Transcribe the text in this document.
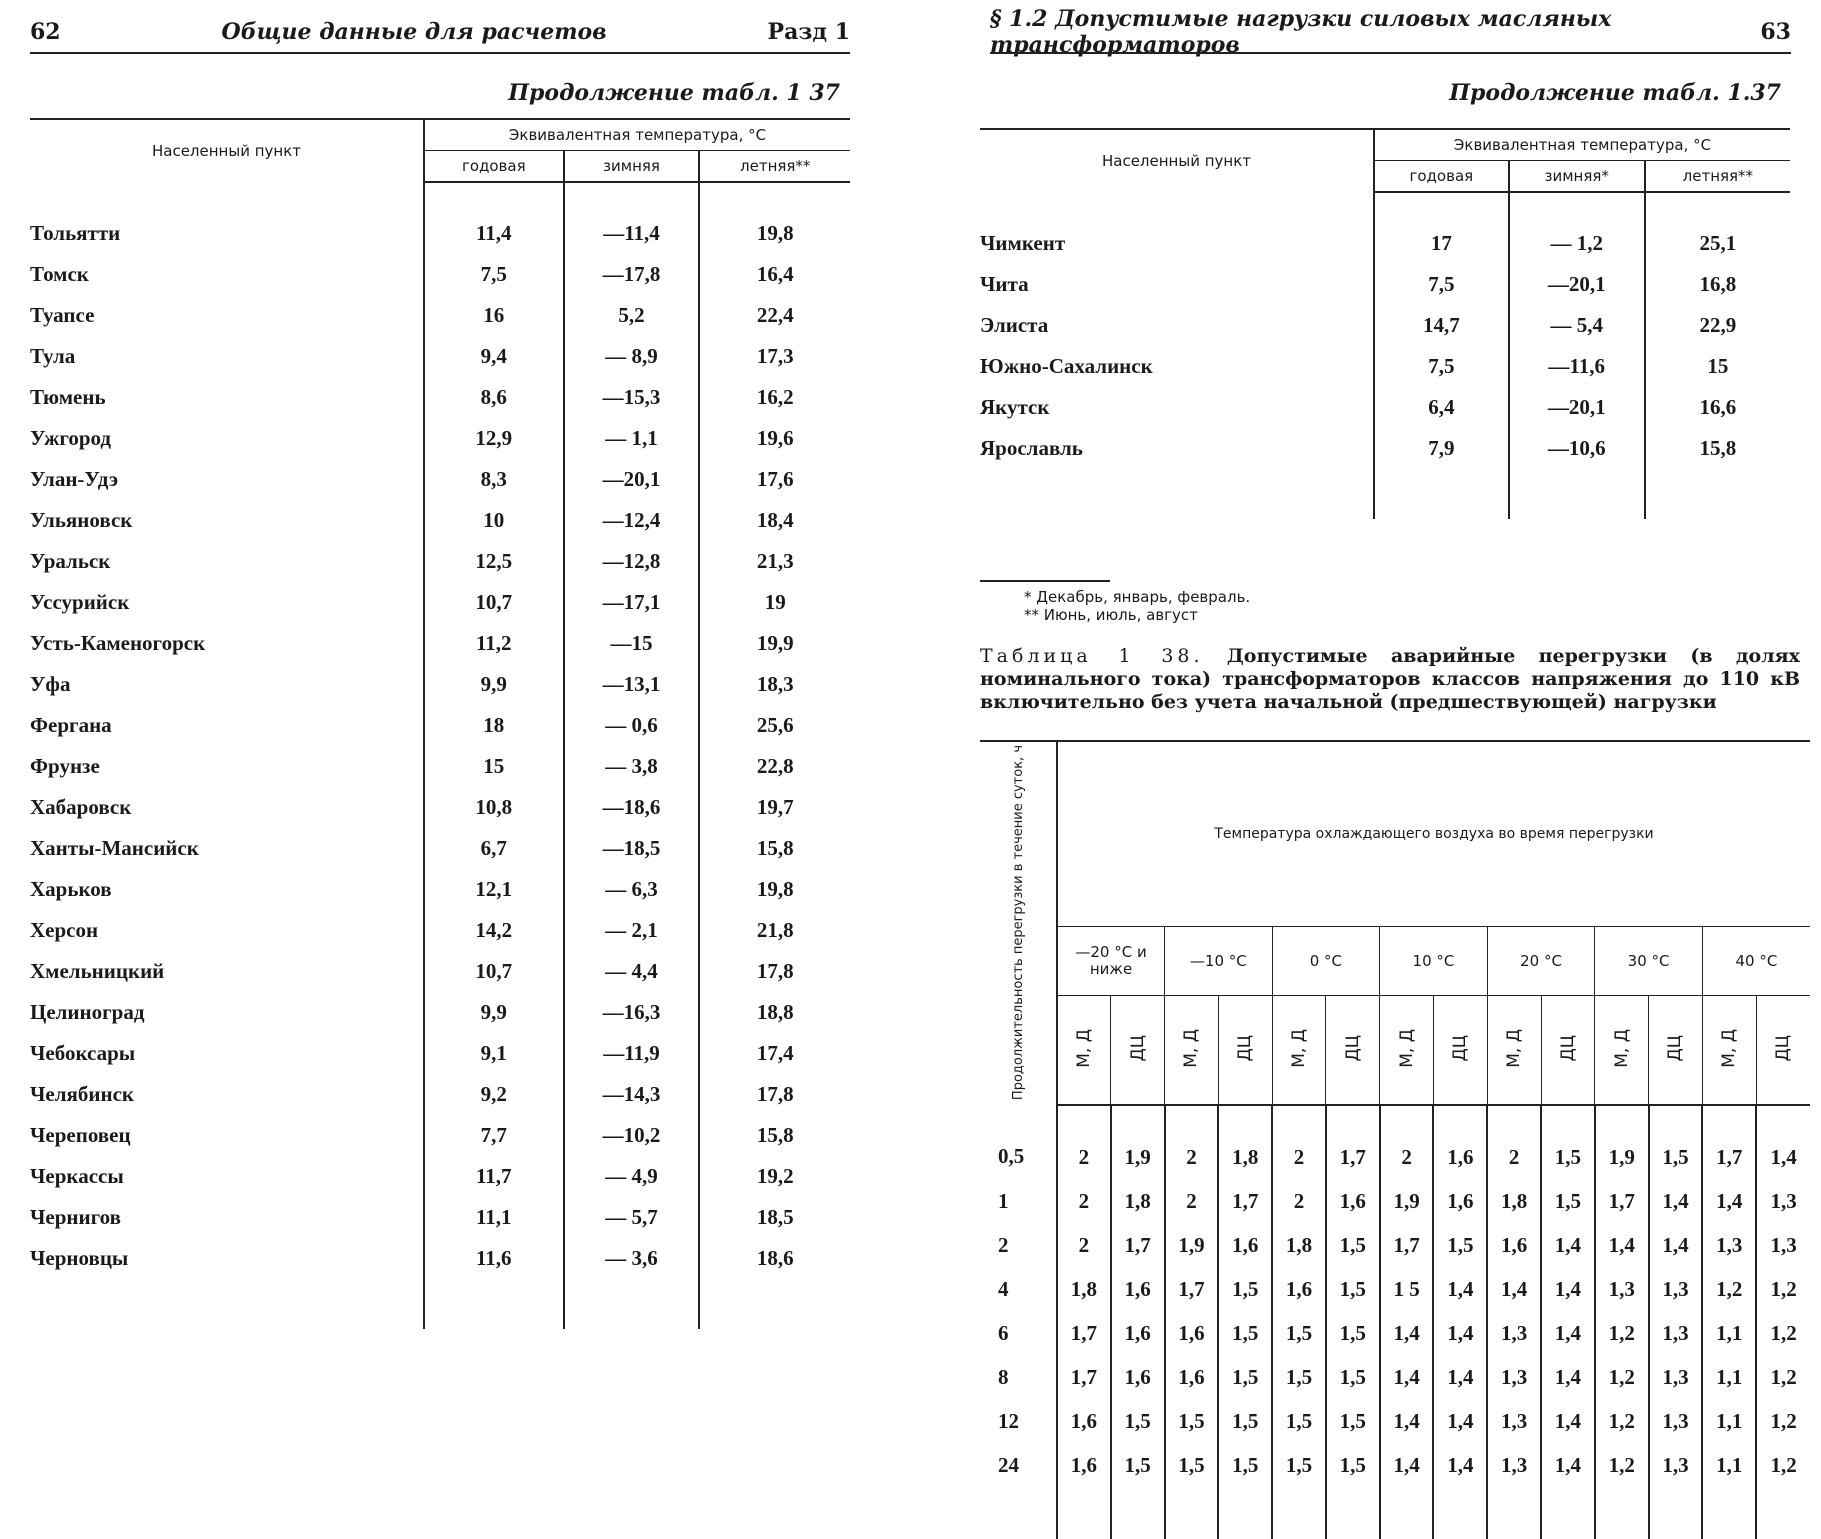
62	Общие данные для расчетов	Разд 1
Продолжение табл. 1 37
Населенный пункт	Эквивалентная температура, °С		
	годовая	зимняя	летняя**
Тольятти	11,4	—11,4	19,8
Томск	7,5	—17,8	16,4
Туапсе	16	5,2	22,4
Тула	9,4	— 8,9	17,3
Тюмень	8,6	—15,3	16,2
Ужгород	12,9	— 1,1	19,6
Улан-Удэ	8,3	—20,1	17,6
Ульяновск	10	—12,4	18,4
Уральск	12,5	—12,8	21,3
Уссурийск	10,7	—17,1	19
Усть-Каменогорск	11,2	—15	19,9
Уфа	9,9	—13,1	18,3
Фергана	18	— 0,6	25,6
Фрунзе	15	— 3,8	22,8
Хабаровск	10,8	—18,6	19,7
Ханты-Мансийск	6,7	—18,5	15,8
Харьков	12,1	— 6,3	19,8
Херсон	14,2	— 2,1	21,8
Хмельницкий	10,7	— 4,4	17,8
Целиноград	9,9	—16,3	18,8
Чебоксары	9,1	—11,9	17,4
Челябинск	9,2	—14,3	17,8
Череповец	7,7	—10,2	15,8
Черкассы	11,7	— 4,9	19,2
Чернигов	11,1	— 5,7	18,5
Черновцы	11,6	— 3,6	18,6

§ 1.2 Допустимые нагрузки силовых масляных трансформаторов	63
Продолжение табл. 1.37
Населенный пункт	Эквивалентная температура, °С		
	годовая	зимняя*	летняя**
Чимкент	17	— 1,2	25,1
Чита	7,5	—20,1	16,8
Элиста	14,7	— 5,4	22,9
Южно-Сахалинск	7,5	—11,6	15
Якутск	6,4	—20,1	16,6
Ярославль	7,9	—10,6	15,8

* Декабрь, январь, февраль.
** Июнь, июль, август
Таблица 1 38. Допустимые аварийные перегрузки (в долях номинального тока) трансформаторов классов напряжения до 110 кВ включительно без учета начальной (предшествующей) нагрузки
Продолжительность перегрузки в течение суток, ч	Температура охлаждающего воздуха во время перегрузки													
	—20 °С и ниже		—10 °С		0 °С		10 °С		20 °С		30 °С		40 °С	
	М, Д	ДЦ	М, Д	ДЦ	М, Д	ДЦ	М, Д	ДЦ	М, Д	ДЦ	М, Д	ДЦ	М, Д	ДЦ
0,5	2	1,9	2	1,8	2	1,7	2	1,6	2	1,5	1,9	1,5	1,7	1,4
1	2	1,8	2	1,7	2	1,6	1,9	1,6	1,8	1,5	1,7	1,4	1,4	1,3
2	2	1,7	1,9	1,6	1,8	1,5	1,7	1,5	1,6	1,4	1,4	1,4	1,3	1,3
4	1,8	1,6	1,7	1,5	1,6	1,5	1 5	1,4	1,4	1,4	1,3	1,3	1,2	1,2
6	1,7	1,6	1,6	1,5	1,5	1,5	1,4	1,4	1,3	1,4	1,2	1,3	1,1	1,2
8	1,7	1,6	1,6	1,5	1,5	1,5	1,4	1,4	1,3	1,4	1,2	1,3	1,1	1,2
12	1,6	1,5	1,5	1,5	1,5	1,5	1,4	1,4	1,3	1,4	1,2	1,3	1,1	1,2
24	1,6	1,5	1,5	1,5	1,5	1,5	1,4	1,4	1,3	1,4	1,2	1,3	1,1	1,2
